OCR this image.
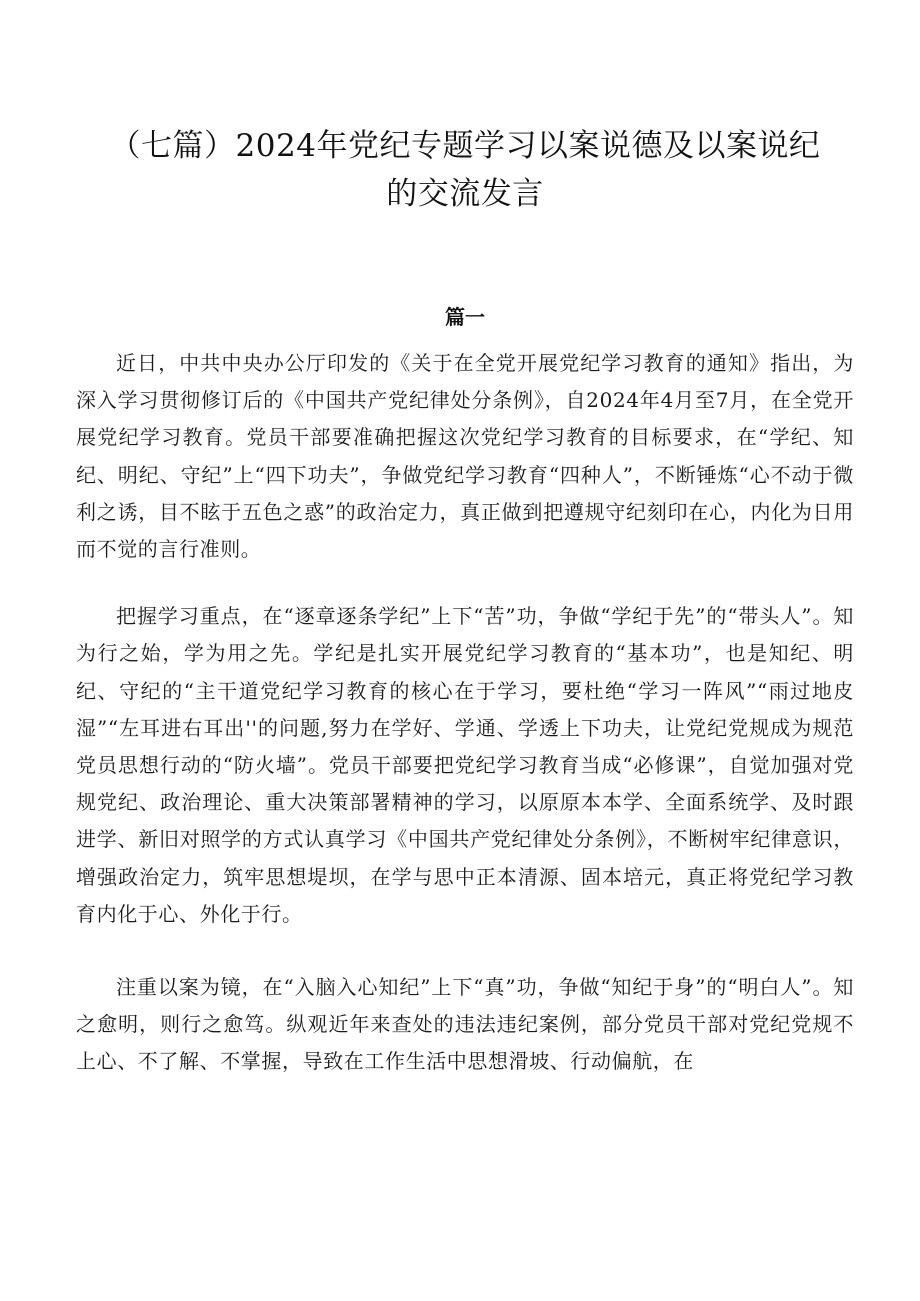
（七篇）2024年党纪专题学习以案说德及以案说纪
的交流发言
篇一

近日，中共中央办公厅印发的《关于在全党开展党纪学习教育的通知》指出，为深入学习贯彻修订后的《中国共产党纪律处分条例》，自2024年4月至7月，在全党开展党纪学习教育。党员干部要准确把握这次党纪学习教育的目标要求，在“学纪、知纪、明纪、守纪”上“四下功夫”，争做党纪学习教育“四种人”，不断锤炼“心不动于微利之诱，目不眩于五色之惑”的政治定力，真正做到把遵规守纪刻印在心，内化为日用而不觉的言行准则。

把握学习重点，在“逐章逐条学纪”上下“苦”功，争做“学纪于先”的“带头人”。知为行之始，学为用之先。学纪是扎实开展党纪学习教育的“基本功”，也是知纪、明纪、守纪的“主干道党纪学习教育的核心在于学习，要杜绝“学习一阵风”“雨过地皮湿”“左耳进右耳出''的问题,努力在学好、学通、学透上下功夫，让党纪党规成为规范党员思想行动的“防火墙”。党员干部要把党纪学习教育当成“必修课”，自觉加强对党规党纪、政治理论、重大决策部署精神的学习，以原原本本学、全面系统学、及时跟进学、新旧对照学的方式认真学习《中国共产党纪律处分条例》，不断树牢纪律意识，增强政治定力，筑牢思想堤坝，在学与思中正本清源、固本培元，真正将党纪学习教育内化于心、外化于行。

注重以案为镜，在“入脑入心知纪”上下“真”功，争做“知纪于身”的“明白人”。知之愈明，则行之愈笃。纵观近年来查处的违法违纪案例，部分党员干部对党纪党规不上心、不了解、不掌握，导致在工作生活中思想滑坡、行动偏航，在
